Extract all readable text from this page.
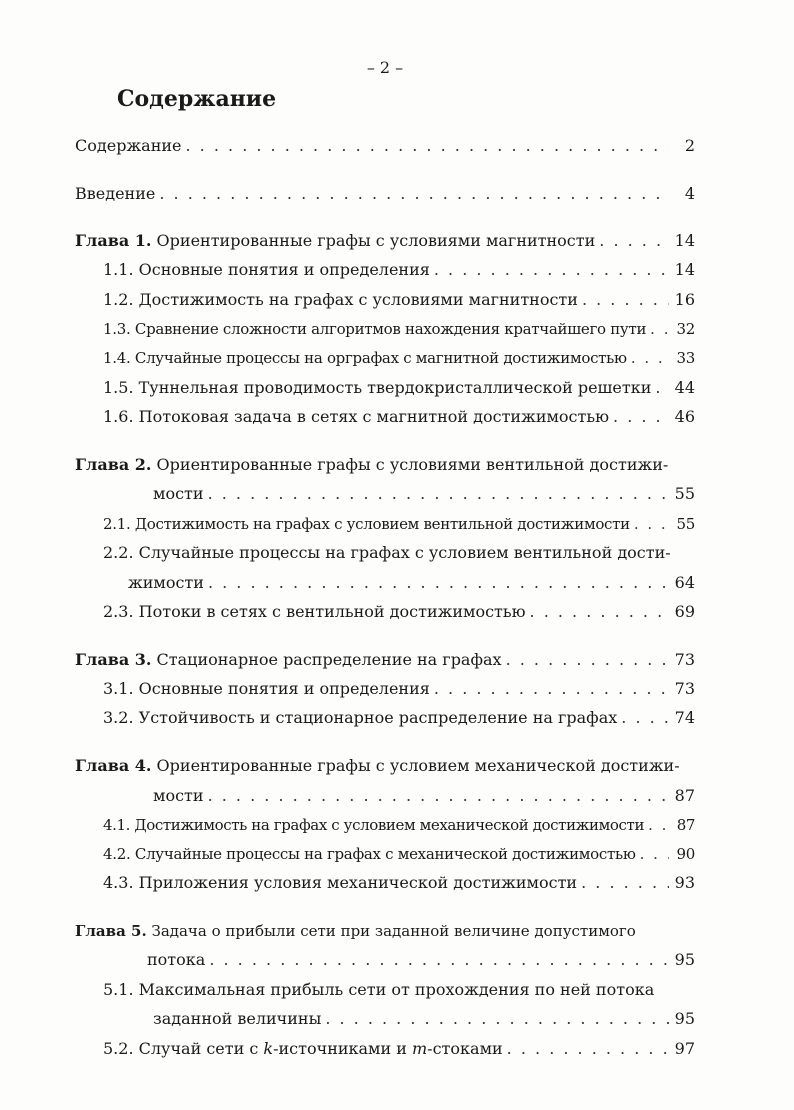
– 2 –
Содержание
Содержание . . .	2
Введение . . .	4
Глава 1. Ориентированные графы с условиями магнитности . . .	14
1.1. Основные понятия и определения . . .	14
1.2. Достижимость на графах с условиями магнитности . . .	16
1.3. Сравнение сложности алгоритмов нахождения кратчайшего пути . . . 32
1.4. Случайные процессы на орграфах с магнитной достижимостью . . .	33
1.5. Туннельная проводимость твердокристаллической решетки . . . 44
1.6. Потоковая задача в сетях с магнитной достижимостью . . .	46
Глава 2. Ориентированные графы с условиями вентильной достижи-
мости . . .	55
2.1. Достижимость на графах с условием вентильной достижимости . . .	55
2.2. Случайные процессы на графах с условием вентильной дости-
жимости . . .	64
2.3. Потоки в сетях с вентильной достижимостью . . .	69
Глава 3. Стационарное распределение на графах . . .	73
3.1. Основные понятия и определения . . .	73
3.2. Устойчивость и стационарное распределение на графах . . .	74
Глава 4. Ориентированные графы с условием механической достижи-
мости . . .	87
4.1. Достижимость на графах с условием механической достижимости . . . 87
4.2. Случайные процессы на графах с механической достижимостью . . .	90
4.3. Приложения условия механической достижимости . . .	93
Глава 5. Задача о прибыли сети при заданной величине допустимого
потока . . .	95
5.1. Максимальная прибыль сети от прохождения по ней потока
заданной величины . . .	95
5.2. Случай сети с k-источниками и m-стоками . . .	97
